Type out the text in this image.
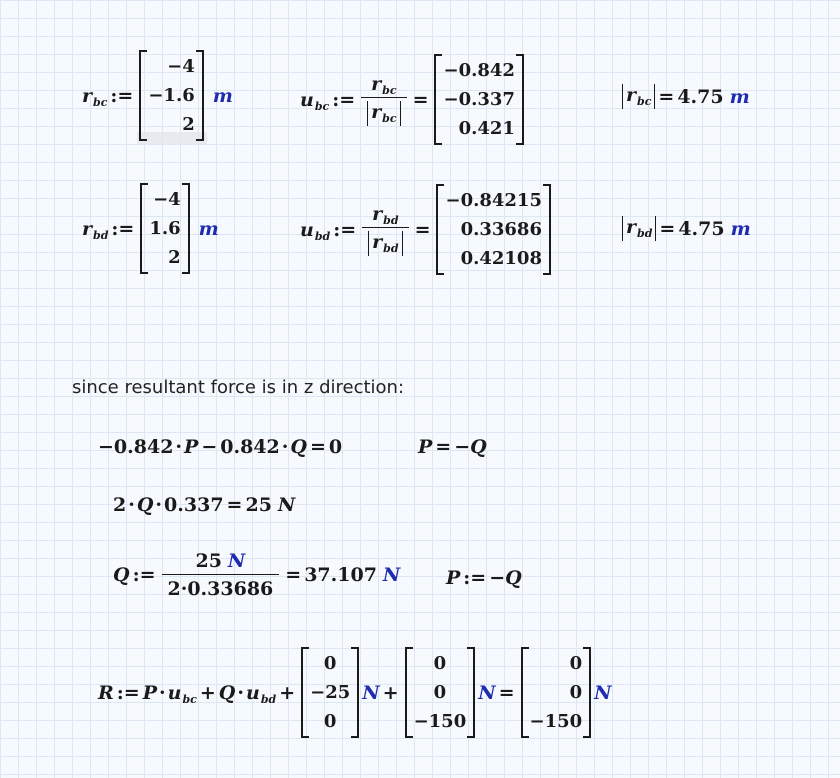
$r_{bc}$ :=
−4
−1.6
2
m	$u_{bc}$ := $\frac{r_{bc}}{r_{bc}}$ =
−0.842
−0.337
0.421
$r_{bc} = 4.75$ m
$r_{bd}$ :=
−4
1.6
2
m	$u_{bd}$ := $\frac{r_{bd}}{r_{bd}}$ =
−0.84215
0.33686
0.42108
$r_{bd} = 4.75$ m
since resultant force is in z direction:
−0.842 · P − 0.842 · Q = 0	P = −Q
2 · Q · 0.337 = 25 N
Q := $\frac{25 N}{2\cdot 0.33686} = 37.107$ N P := −Q
R := $P \cdot u_{bc} + Q \cdot u_{bd}$ +
0
−25
0
N +
0
0
−150
N =
0
0
−150
N
